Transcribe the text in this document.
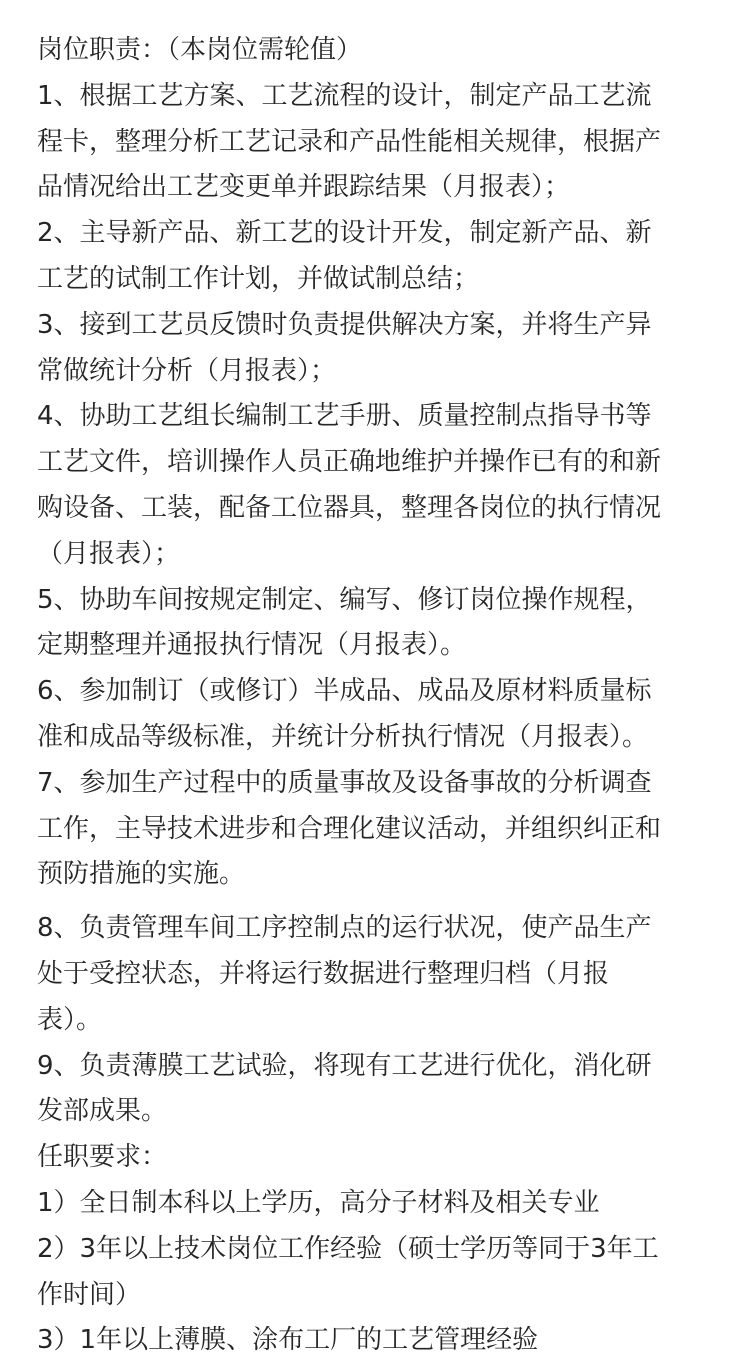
岗位职责：（本岗位需轮值）
1、根据工艺方案、工艺流程的设计，制定产品工艺流
程卡，整理分析工艺记录和产品性能相关规律，根据产
品情况给出工艺变更单并跟踪结果（月报表）；
2、主导新产品、新工艺的设计开发，制定新产品、新
工艺的试制工作计划，并做试制总结；
3、接到工艺员反馈时负责提供解决方案，并将生产异
常做统计分析（月报表）；
4、协助工艺组长编制工艺手册、质量控制点指导书等
工艺文件，培训操作人员正确地维护并操作已有的和新
购设备、工装，配备工位器具，整理各岗位的执行情况
（月报表）；
5、协助车间按规定制定、编写、修订岗位操作规程，
定期整理并通报执行情况（月报表）。
6、参加制订（或修订）半成品、成品及原材料质量标
准和成品等级标准，并统计分析执行情况（月报表）。
7、参加生产过程中的质量事故及设备事故的分析调查
工作，主导技术进步和合理化建议活动，并组织纠正和
预防措施的实施。
8、负责管理车间工序控制点的运行状况，使产品生产
处于受控状态，并将运行数据进行整理归档（月报
表）。
9、负责薄膜工艺试验，将现有工艺进行优化，消化研
发部成果。
任职要求：
1）全日制本科以上学历，高分子材料及相关专业
2）3年以上技术岗位工作经验（硕士学历等同于3年工
作时间）
3）1年以上薄膜、涂布工厂的工艺管理经验
